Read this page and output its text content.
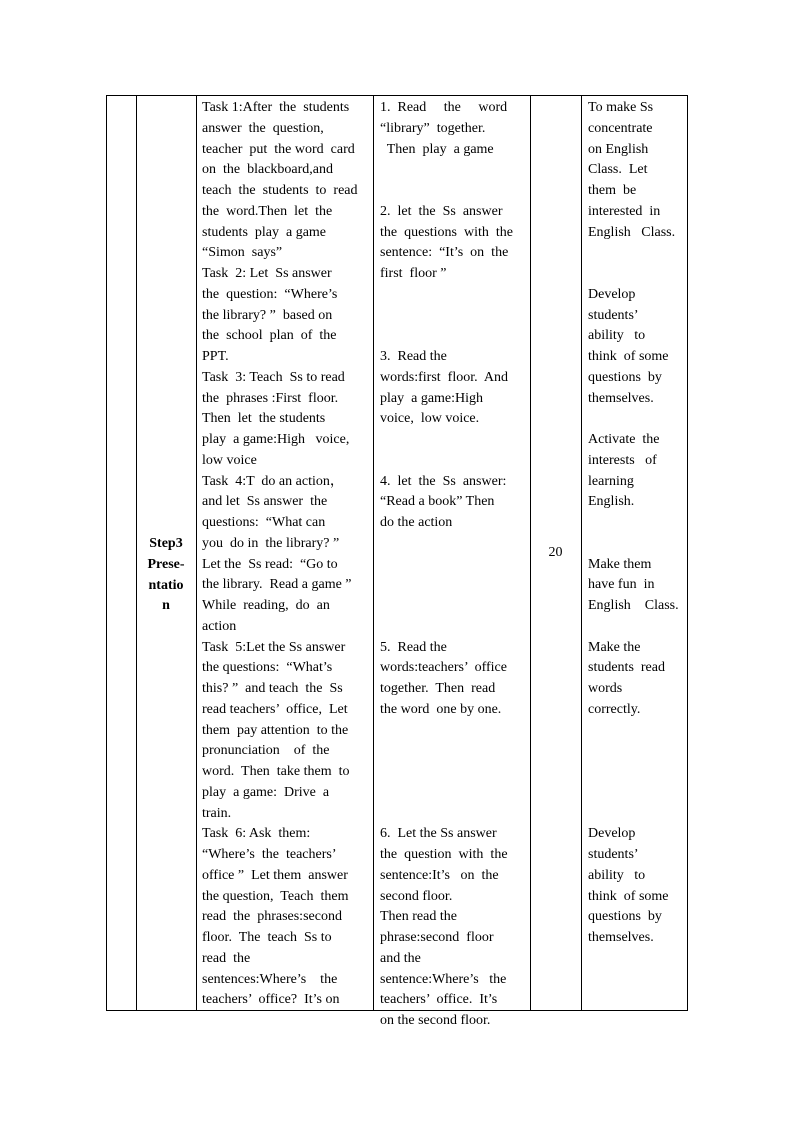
Step3
Prese-
ntatio
n
Task 1:After  the  students
answer  the  question,
teacher  put  the word  card
on  the  blackboard,and
teach  the  students  to  read
the  word.Then  let  the
students  play  a game
“Simon  says”
Task  2: Let  Ss answer
the  question:  “Where’s
the library? ”  based on
the  school  plan  of  the
PPT.
Task  3: Teach  Ss to read
the  phrases :First  floor.
Then  let  the students
play  a game:High   voice,
low voice
Task  4:T  do an action，
and let  Ss answer  the
questions:  “What can
you  do in  the library? ”
Let the  Ss read:  “Go to
the library.  Read a game ”
While  reading,  do  an
action
Task  5:Let the Ss answer
the questions:  “What’s
this? ”  and teach  the  Ss
read teachers’  office,  Let
them  pay attention  to the
pronunciation    of  the
word.  Then  take them  to
play  a game:  Drive  a
train.
Task  6: Ask  them:
“Where’s  the  teachers’
office ”  Let them  answer
the question,  Teach  them
read  the  phrases:second
floor.  The  teach  Ss to
read  the
sentences:Where’s    the
teachers’  office?  It’s on
1.  Read     the     word
“library”  together.
Then  play  a game
2.  let  the  Ss  answer
the  questions  with  the
sentence:  “It’s  on  the
first  floor ”
3.  Read the
words:first  floor.  And
play  a game:High
voice,  low voice.
4.  let  the  Ss  answer:
“Read a book” Then
do the action
5.  Read the
words:teachers’  office
together.  Then  read
the word  one by one.
6.  Let the Ss answer
the  question  with  the
sentence:It’s   on  the
second floor.
Then read the
phrase:second  floor
and the
sentence:Where’s   the
teachers’  office.  It’s
on the second floor.
20
To make Ss
concentrate
on English
Class.  Let
them  be
interested  in
English   Class.
Develop
students’
ability   to
think  of some
questions  by
themselves.
Activate  the
interests   of
learning
English.
Make them
have fun  in
English    Class.
Make the
students  read
words
correctly.
Develop
students’
ability   to
think  of some
questions  by
themselves.
